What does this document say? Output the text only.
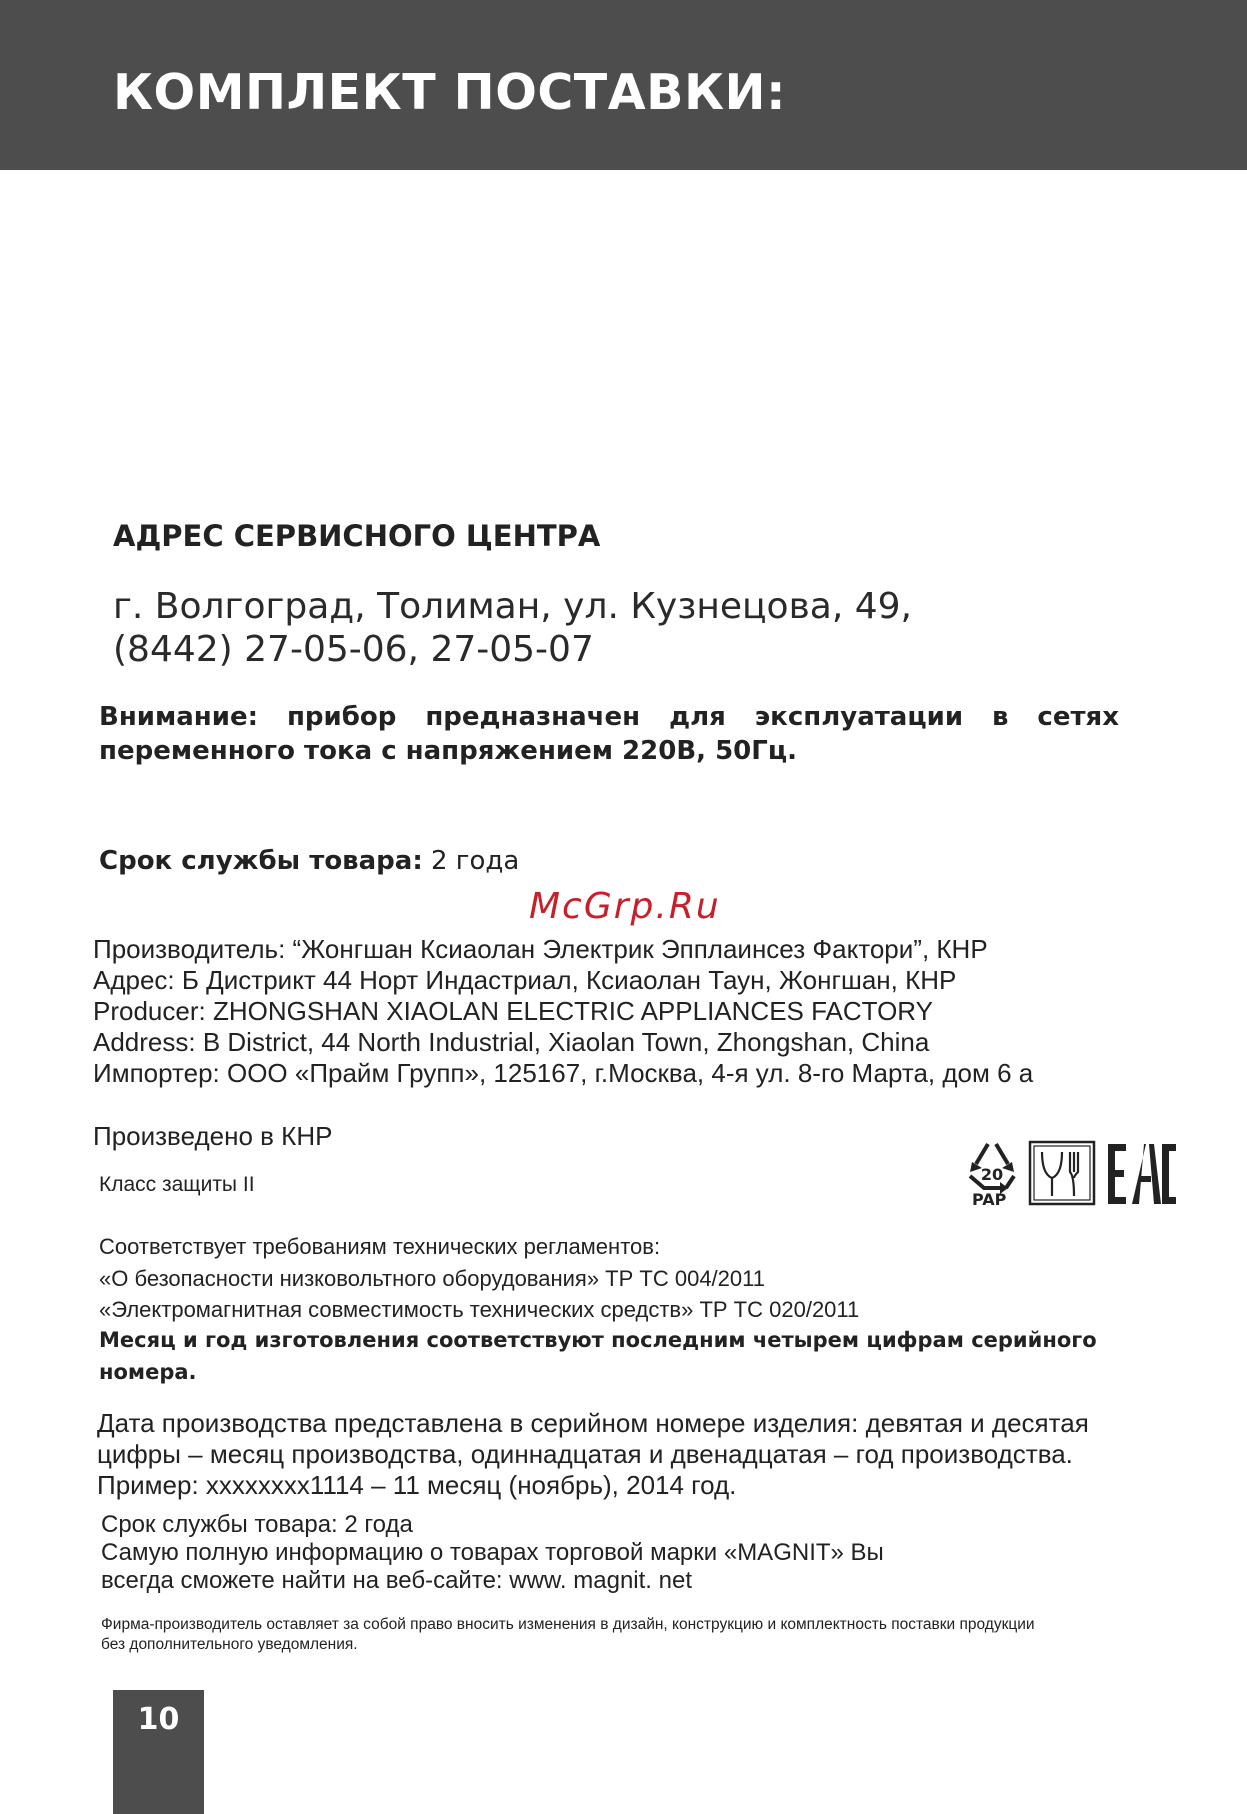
КОМПЛЕКТ ПОСТАВКИ:
АДРЕС СЕРВИСНОГО ЦЕНТРА
г. Волгоград, Толиман, ул. Кузнецова, 49,
(8442) 27-05-06, 27-05-07
Внимание:  прибор  предназначен  для  эксплуатации  в  сетях
переменного тока с напряжением 220В, 50Гц.
Срок службы товара: 2 года
McGrp.Ru
Производитель: “Жонгшан Ксиаолан Электрик Эпплаинсез Фактори”, КНР
Адрес: Б Дистрикт 44 Норт Индастриал, Ксиаолан Таун, Жонгшан, КНР
Producer: ZHONGSHAN XIAOLAN ELECTRIC APPLIANCES FACTORY
Address: B District, 44 North Industrial, Xiaolan Town, Zhongshan, China
Импортер: ООО «Прайм Групп», 125167, г.Москва, 4-я ул. 8-го Марта, дом 6 а
Произведено в КНР
Класс защиты II	20
PAP
Соответствует требованиям технических регламентов:
«О безопасности низковольтного оборудования» ТР ТС 004/2011
«Электромагнитная совместимость технических средств» ТР ТС 020/2011
Месяц и год изготовления соответствуют последним четырем цифрам серийного
номера.
Дата производства представлена в серийном номере изделия: девятая и десятая
цифры – месяц производства, одиннадцатая и двенадцатая – год производства.
Пример: xxxxxxxx1114 – 11 месяц (ноябрь), 2014 год.
Срок службы товара: 2 года
Самую полную информацию о товарах торговой марки «MAGNIT» Вы
всегда сможете найти на веб-сайте: www. magnit. net
Фирма-производитель оставляет за собой право вносить изменения в дизайн, конструкцию и комплектность поставки продукции
без дополнительного уведомления.
10
